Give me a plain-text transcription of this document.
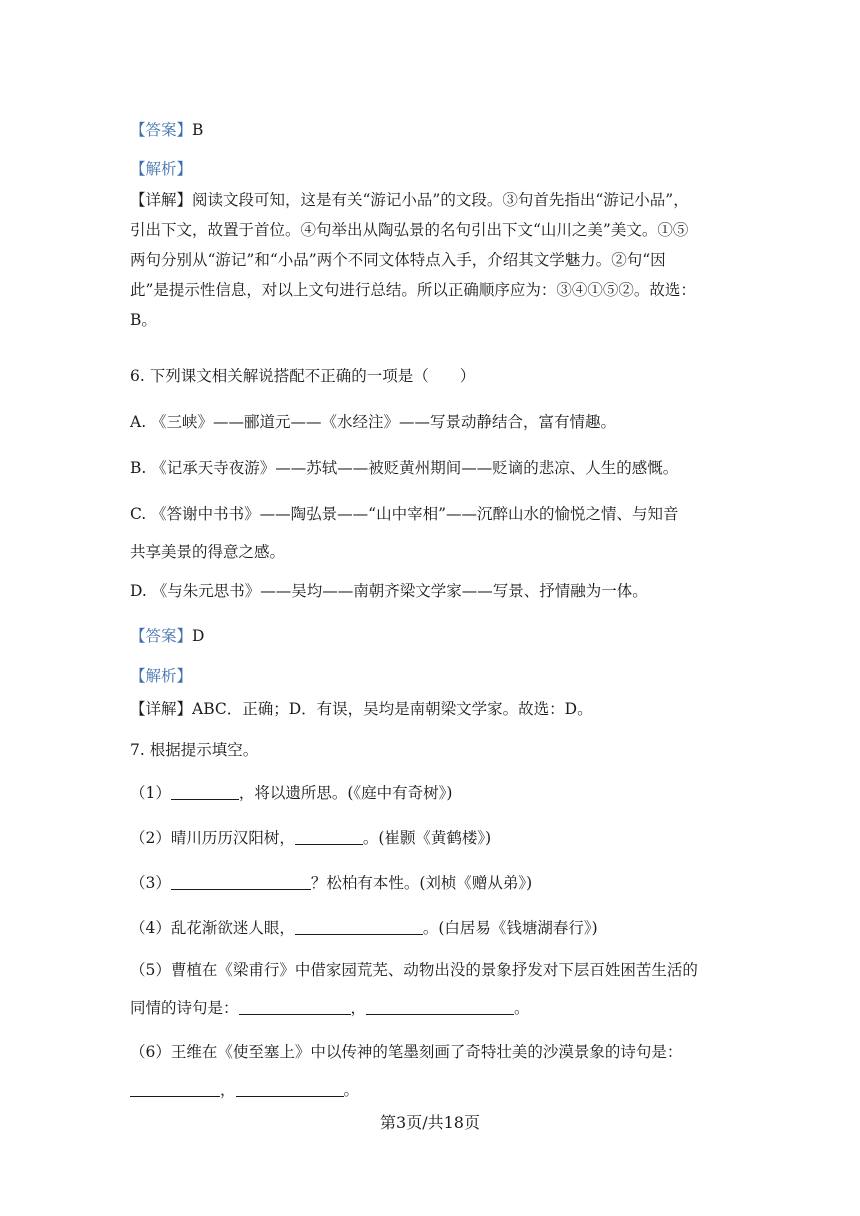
【答案】B
【解析】
【详解】阅读文段可知，这是有关“游记小品”的文段。③句首先指出“游记小品”，
引出下文，故置于首位。④句举出从陶弘景的名句引出下文“山川之美”美文。①⑤
两句分别从“游记”和“小品”两个不同文体特点入手，介绍其文学魅力。②句“因
此”是提示性信息，对以上文句进行总结。所以正确顺序应为：③④①⑤②。故选：
B。
6. 下列课文相关解说搭配不正确的一项是（　　）
A. 《三峡》——郦道元——《水经注》——写景动静结合，富有情趣。
B. 《记承天寺夜游》——苏轼——被贬黄州期间——贬谪的悲凉、人生的感慨。
C. 《答谢中书书》——陶弘景——“山中宰相”——沉醉山水的愉悦之情、与知音
共享美景的得意之感。
D. 《与朱元思书》——吴均——南朝齐梁文学家——写景、抒情融为一体。
【答案】D
【解析】
【详解】ABC．正确；D．有误，吴均是南朝梁文学家。故选：D。
7. 根据提示填空。
（1）	，将以遗所思。(《庭中有奇树》)
（2）晴川历历汉阳树，	。(崔颢《黄鹤楼》)
（3）	？松柏有本性。(刘桢《赠从弟》)
（4）乱花渐欲迷人眼，	。(白居易《钱塘湖春行》)
（5）曹植在《梁甫行》中借家园荒芜、动物出没的景象抒发对下层百姓困苦生活的
同情的诗句是：	，	。
（6）王维在《使至塞上》中以传神的笔墨刻画了奇特壮美的沙漠景象的诗句是：
，	。
第3页/共18页
